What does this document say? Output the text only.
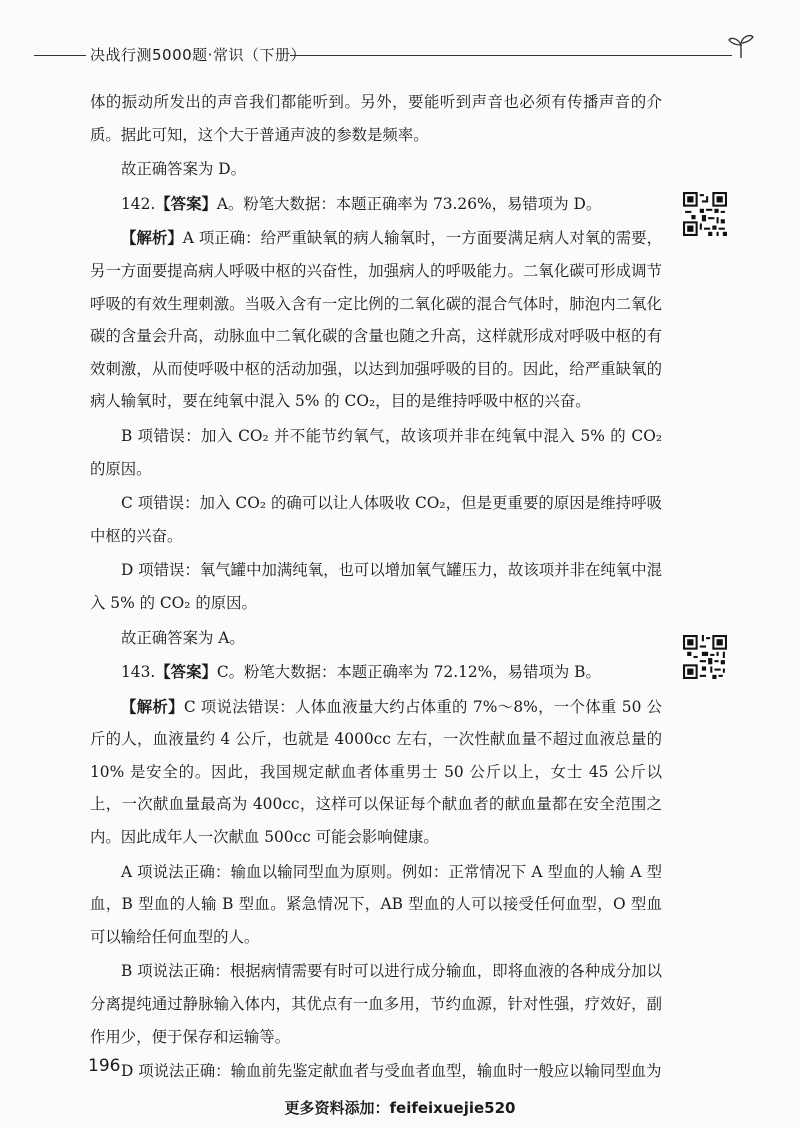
决战行测5000题·常识（下册）

体的振动所发出的声音我们都能听到。另外，要能听到声音也必须有传播声音的介质。据此可知，这个大于普通声波的参数是频率。

故正确答案为 D。

142.【答案】A。粉笔大数据：本题正确率为 73.26%，易错项为 D。

【解析】A 项正确：给严重缺氧的病人输氧时，一方面要满足病人对氧的需要，另一方面要提高病人呼吸中枢的兴奋性，加强病人的呼吸能力。二氧化碳可形成调节呼吸的有效生理刺激。当吸入含有一定比例的二氧化碳的混合气体时，肺泡内二氧化碳的含量会升高，动脉血中二氧化碳的含量也随之升高，这样就形成对呼吸中枢的有效刺激，从而使呼吸中枢的活动加强，以达到加强呼吸的目的。因此，给严重缺氧的病人输氧时，要在纯氧中混入 5% 的 CO₂，目的是维持呼吸中枢的兴奋。

B 项错误：加入 CO₂ 并不能节约氧气，故该项并非在纯氧中混入 5% 的 CO₂ 的原因。

C 项错误：加入 CO₂ 的确可以让人体吸收 CO₂，但是更重要的原因是维持呼吸中枢的兴奋。

D 项错误：氧气罐中加满纯氧，也可以增加氧气罐压力，故该项并非在纯氧中混入 5% 的 CO₂ 的原因。

故正确答案为 A。

143.【答案】C。粉笔大数据：本题正确率为 72.12%，易错项为 B。

【解析】C 项说法错误：人体血液量大约占体重的 7%～8%，一个体重 50 公斤的人，血液量约 4 公斤，也就是 4000cc 左右，一次性献血量不超过血液总量的 10% 是安全的。因此，我国规定献血者体重男士 50 公斤以上，女士 45 公斤以上，一次献血量最高为 400cc，这样可以保证每个献血者的献血量都在安全范围之内。因此成年人一次献血 500cc 可能会影响健康。

A 项说法正确：输血以输同型血为原则。例如：正常情况下 A 型血的人输 A 型血，B 型血的人输 B 型血。紧急情况下，AB 型血的人可以接受任何血型，O 型血可以输给任何血型的人。

B 项说法正确：根据病情需要有时可以进行成分输血，即将血液的各种成分加以分离提纯通过静脉输入体内，其优点有一血多用，节约血源，针对性强，疗效好，副作用少，便于保存和运输等。

D 项说法正确：输血前先鉴定献血者与受血者血型，输血时一般应以输同型血为

196
更多资料添加：feifeixuejie520
